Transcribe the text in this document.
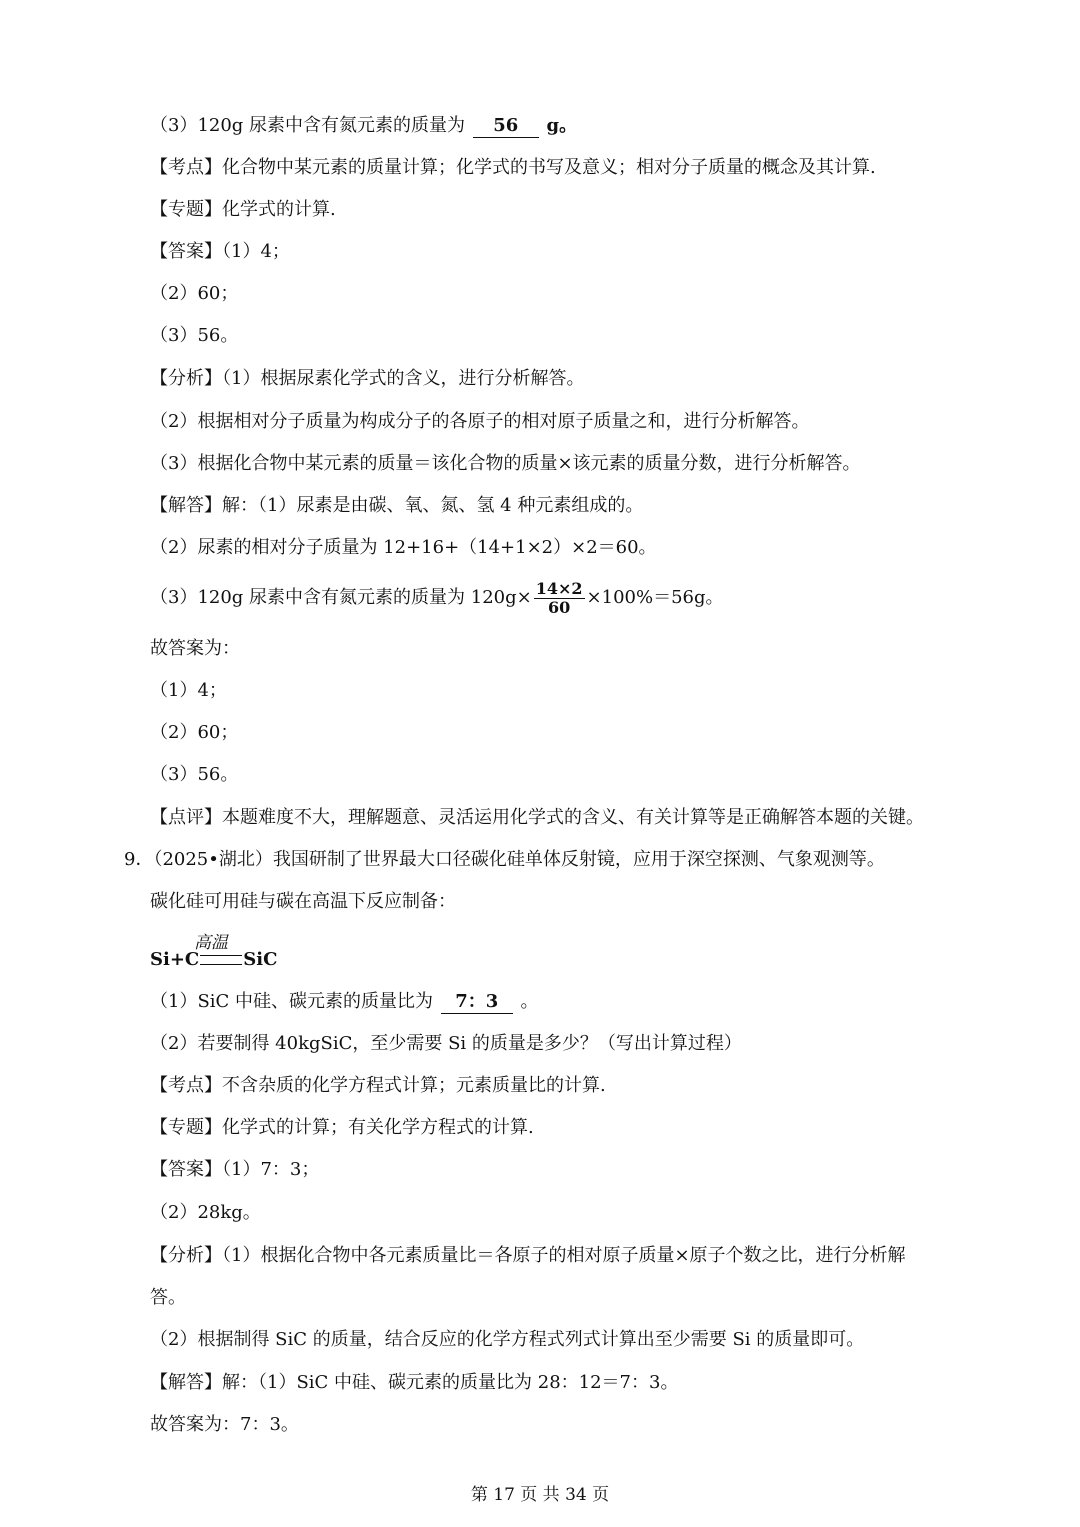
（3）120g 尿素中含有氮元素的质量为 56 g。
【考点】化合物中某元素的质量计算；化学式的书写及意义；相对分子质量的概念及其计算.
【专题】化学式的计算.
【答案】（1）4；
（2）60；
（3）56。
【分析】（1）根据尿素化学式的含义，进行分析解答。
（2）根据相对分子质量为构成分子的各原子的相对原子质量之和，进行分析解答。
（3）根据化合物中某元素的质量＝该化合物的质量×该元素的质量分数，进行分析解答。
【解答】解：（1）尿素是由碳、氧、氮、氢 4 种元素组成的。
（2）尿素的相对分子质量为 12+16+（14+1×2）×2＝60。
（3）120g 尿素中含有氮元素的质量为 $120g\times \frac{14\times 2}{60} \times 100\%=56g$。
故答案为：
（1）4；
（2）60；
（3）56。
【点评】本题难度不大，理解题意、灵活运用化学式的含义、有关计算等是正确解答本题的关键。
9．（2025•湖北）我国研制了世界最大口径碳化硅单体反射镜，应用于深空探测、气象观测等。
碳化硅可用硅与碳在高温下反应制备：
高温
Si+C SiC
（1）SiC 中硅、碳元素的质量比为 7：3 。
（2）若要制得 40kgSiC，至少需要 Si 的质量是多少？（写出计算过程）
【考点】不含杂质的化学方程式计算；元素质量比的计算.
【专题】化学式的计算；有关化学方程式的计算.
【答案】（1）7：3；
（2）28kg。
【分析】（1）根据化合物中各元素质量比＝各原子的相对原子质量×原子个数之比，进行分析解
答。
（2）根据制得 SiC 的质量，结合反应的化学方程式列式计算出至少需要 Si 的质量即可。
【解答】解：（1）SiC 中硅、碳元素的质量比为 28：12＝7：3。
故答案为：7：3。
第 17 页 共 34 页
